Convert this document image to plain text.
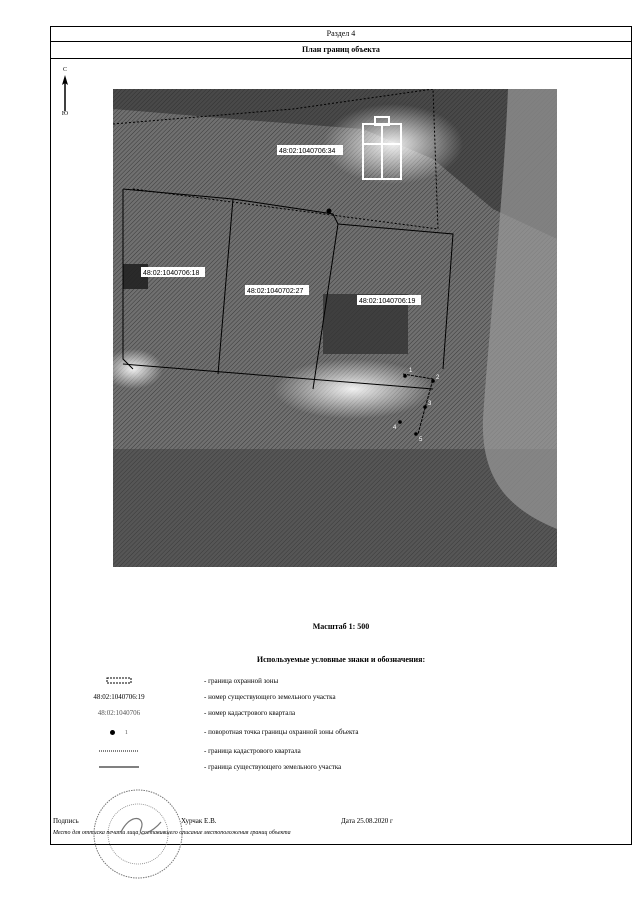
Раздел 4
План границ объекта
С
Ю
48:02:1040706:34
48:02:1040706:18
48:02:1040702:27
48:02:1040706:19
1
2
3
4
5
Масштаб 1: 500
Используемые условные знаки и обозначения:
- граница охранной зоны
48:02:1040706:19	- номер существующего земельного участка
48:02:1040706	- номер кадастрового квартала
1	- поворотная точка границы охранной зоны объекта
- граница кадастрового квартала
- граница существующего земельного участка
Подпись	Хурчак Е.В.	Дата 25.08.2020 г
Место для оттиска печати лица, составившего описание местоположения границ объекта
